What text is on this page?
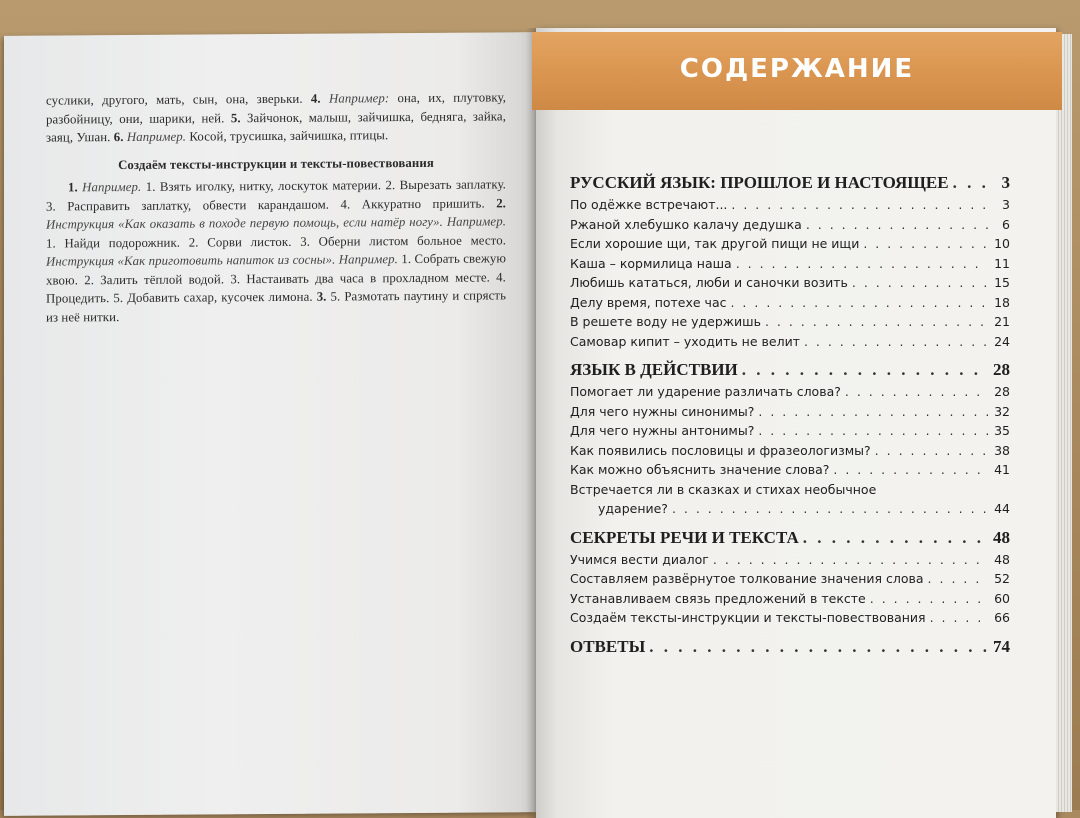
суслики, другого, мать, сын, она, зверьки. 4. Например: она, их, плутовку, разбойницу, они, шарики, ней. 5. Зайчонок, малыш, зайчишка, бедняга, зайка, заяц, Ушан. 6. Например. Косой, трусишка, зайчишка, птицы.

Создаём тексты-инструкции и тексты-повествования

1. Например. 1. Взять иголку, нитку, лоскуток материи. 2. Вырезать заплатку. 3. Расправить заплатку, обвести карандашом. 4. Аккуратно пришить. 2. Инструкция «Как оказать в походе первую помощь, если натёр ногу». Например. 1. Найди подорожник. 2. Сорви листок. 3. Оберни листом больное место. Инструкция «Как приготовить напиток из сосны». Например. 1. Собрать свежую хвою. 2. Залить тёплой водой. 3. Настаивать два часа в прохладном месте. 4. Процедить. 5. Добавить сахар, кусочек лимона. 3. 5. Размотать паутину и спрясть из неё нитки.

СОДЕРЖАНИЕ
РУССКИЙ ЯЗЫК: ПРОШЛОЕ И НАСТОЯЩЕЕ . . .	3
По одёжке встречают... . . .	3
Ржаной хлебушко калачу дедушка . . .	6
Если хорошие щи, так другой пищи не ищи . . .	10
Каша – кормилица наша . . .	11
Любишь кататься, люби и саночки возить . . .	15
Делу время, потехе час . . .	18
В решете воду не удержишь . . .	21
Самовар кипит – уходить не велит . . .	24
ЯЗЫК В ДЕЙСТВИИ . . .	28
Помогает ли ударение различать слова? . . .	28
Для чего нужны синонимы? . . .	32
Для чего нужны антонимы? . . .	35
Как появились пословицы и фразеологизмы? . . .	38
Как можно объяснить значение слова? . . .	41
Встречается ли в сказках и стихах необычное
ударение? . . .	44
СЕКРЕТЫ РЕЧИ И ТЕКСТА . . .	48
Учимся вести диалог . . .	48
Составляем развёрнутое толкование значения слова . . .	52
Устанавливаем связь предложений в тексте . . .	60
Создаём тексты-инструкции и тексты-повествования . . .	66
ОТВЕТЫ . . .	74
